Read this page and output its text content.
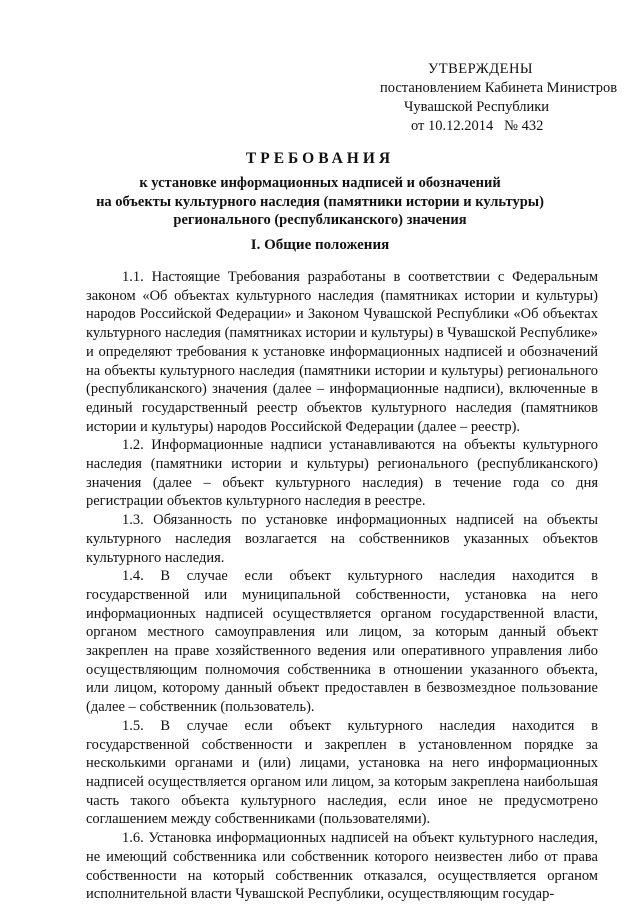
УТВЕРЖДЕНЫ
постановлением Кабинета Министров
Чувашской Республики
от 10.12.2014   № 432
ТРЕБОВАНИЯ
к установке информационных надписей и обозначений
на объекты культурного наследия (памятники истории и культуры)
регионального (республиканского) значения
I. Общие положения

1.1. Настоящие Требования разработаны в соответствии с Федеральным законом «Об объектах культурного наследия (памятниках истории и культуры) народов Российской Федерации» и Законом Чувашской Республики «Об объектах культурного наследия (памятниках истории и культуры) в Чувашской Республике» и определяют требования к установке информационных надписей и обозначений на объекты культурного наследия (памятники истории и культуры) регионального (республиканского) значения (далее – информационные надписи), включенные в единый государственный реестр объектов культурного наследия (памятников истории и культуры) народов Российской Федерации (далее – реестр).

1.2. Информационные надписи устанавливаются на объекты культурного наследия (памятники истории и культуры) регионального (республиканского) значения (далее – объект культурного наследия) в течение года со дня регистрации объектов культурного наследия в реестре.

1.3. Обязанность по установке информационных надписей на объекты культурного наследия возлагается на собственников указанных объектов культурного наследия.

1.4. В случае если объект культурного наследия находится в государственной или муниципальной собственности, установка на него информационных надписей осуществляется органом государственной власти, органом местного самоуправления или лицом, за которым данный объект закреплен на праве хозяйственного ведения или оперативного управления либо осуществляющим полномочия собственника в отношении указанного объекта, или лицом, которому данный объект предоставлен в безвозмездное пользование (далее – собственник (пользователь).

1.5. В случае если объект культурного наследия находится в государственной собственности и закреплен в установленном порядке за несколькими органами и (или) лицами, установка на него информационных надписей осуществляется органом или лицом, за которым закреплена наибольшая часть такого объекта культурного наследия, если иное не предусмотрено соглашением между собственниками (пользователями).

1.6. Установка информационных надписей на объект культурного наследия, не имеющий собственника или собственник которого неизвестен либо от права собственности на который собственник отказался, осуществляется органом исполнительной власти Чувашской Республики, осуществляющим государ-
